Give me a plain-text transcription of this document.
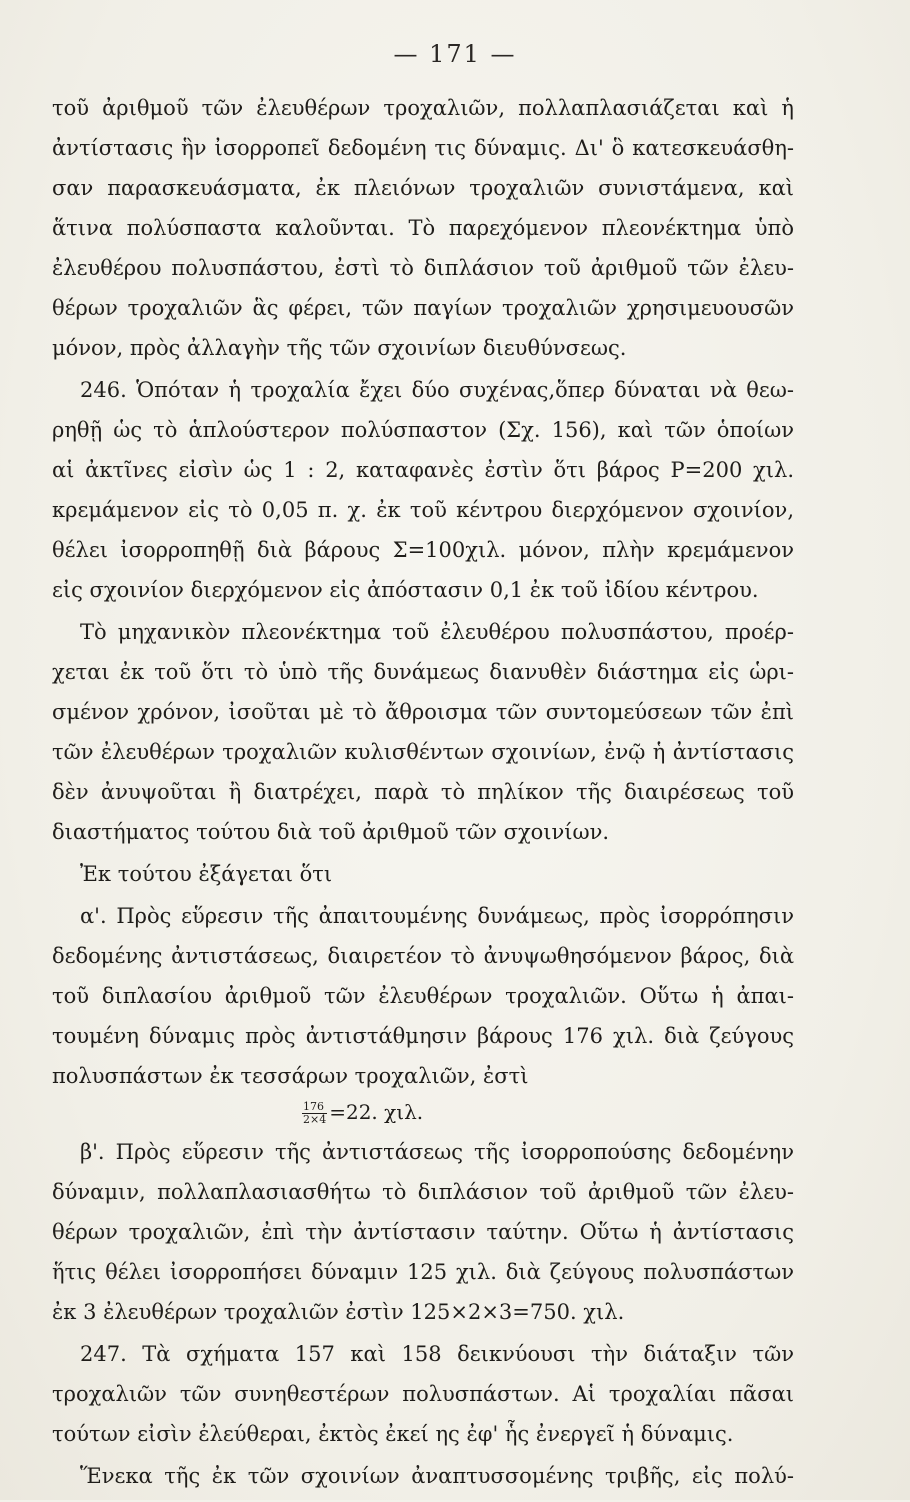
— 171 —
τοῦ ἀριθμοῦ τῶν ἐλευθέρων τροχαλιῶν, πολλαπλασιάζεται καὶ ἡ
ἀντίστασις ἣν ἰσορροπεῖ δεδομένη τις δύναμις. Δι' ὃ κατεσκευάσθη-
σαν παρασκευάσματα, ἐκ πλειόνων τροχαλιῶν συνιστάμενα, καὶ
ἅτινα πολύσπαστα καλοῦνται. Τὸ παρεχόμενον πλεονέκτημα ὑπὸ
ἐλευθέρου πολυσπάστου, ἐστὶ τὸ διπλάσιον τοῦ ἀριθμοῦ τῶν ἐλευ-
θέρων τροχαλιῶν ἃς φέρει, τῶν παγίων τροχαλιῶν χρησιμευουσῶν
μόνον, πρὸς ἀλλαγὴν τῆς τῶν σχοινίων διευθύνσεως.
246. Ὁπόταν ἡ τροχαλία ἔχει δύο συχένας,ὅπερ δύναται νὰ θεω-
ρηθῇ ὡς τὸ ἁπλούστερον πολύσπαστον (Σχ. 156), καὶ τῶν ὁποίων
αἱ ἀκτῖνες εἰσὶν ὡς 1 : 2, καταφανὲς ἐστὶν ὅτι βάρος P=200 χιλ.
κρεμάμενον εἰς τὸ 0,05 π. χ. ἐκ τοῦ κέντρου διερχόμενον σχοινίον,
θέλει ἰσορροπηθῇ διὰ βάρους Σ=100χιλ. μόνον, πλὴν κρεμάμενον
εἰς σχοινίον διερχόμενον εἰς ἀπόστασιν 0,1 ἐκ τοῦ ἰδίου κέντρου.
Τὸ μηχανικὸν πλεονέκτημα τοῦ ἐλευθέρου πολυσπάστου, προέρ-
χεται ἐκ τοῦ ὅτι τὸ ὑπὸ τῆς δυνάμεως διανυθὲν διάστημα εἰς ὡρι-
σμένον χρόνον, ἰσοῦται μὲ τὸ ἄθροισμα τῶν συντομεύσεων τῶν ἐπὶ
τῶν ἐλευθέρων τροχαλιῶν κυλισθέντων σχοινίων, ἐνῷ ἡ ἀντίστασις
δὲν ἀνυψοῦται ἢ διατρέχει, παρὰ τὸ πηλίκον τῆς διαιρέσεως τοῦ
διαστήματος τούτου διὰ τοῦ ἀριθμοῦ τῶν σχοινίων.
Ἐκ τούτου ἐξάγεται ὅτι
α'. Πρὸς εὕρεσιν τῆς ἀπαιτουμένης δυνάμεως, πρὸς ἰσορρόπησιν
δεδομένης ἀντιστάσεως, διαιρετέον τὸ ἀνυψωθησόμενον βάρος, διὰ
τοῦ διπλασίου ἀριθμοῦ τῶν ἐλευθέρων τροχαλιῶν. Οὕτω ἡ ἀπαι-
τουμένη δύναμις πρὸς ἀντιστάθμησιν βάρους 176 χιλ. διὰ ζεύγους
πολυσπάστων ἐκ τεσσάρων τροχαλιῶν, ἐστὶ
$\frac{176}{2\times 4} =22$. χιλ.
β'. Πρὸς εὕρεσιν τῆς ἀντιστάσεως τῆς ἰσορροπούσης δεδομένην
δύναμιν, πολλαπλασιασθήτω τὸ διπλάσιον τοῦ ἀριθμοῦ τῶν ἐλευ-
θέρων τροχαλιῶν, ἐπὶ τὴν ἀντίστασιν ταύτην. Οὕτω ἡ ἀντίστασις
ἥτις θέλει ἰσορροπήσει δύναμιν 125 χιλ. διὰ ζεύγους πολυσπάστων
ἐκ 3 ἐλευθέρων τροχαλιῶν ἐστὶν 125×2×3=750. χιλ.
247. Τὰ σχήματα 157 καὶ 158 δεικνύουσι τὴν διάταξιν τῶν
τροχαλιῶν τῶν συνηθεστέρων πολυσπάστων. Αἱ τροχαλίαι πᾶσαι
τούτων εἰσὶν ἐλεύθεραι, ἐκτὸς ἐκεί ης ἐφ' ἧς ἐνεργεῖ ἡ δύναμις.
Ἕνεκα τῆς ἐκ τῶν σχοινίων ἀναπτυσσομένης τριβῆς, εἰς πολύ-
